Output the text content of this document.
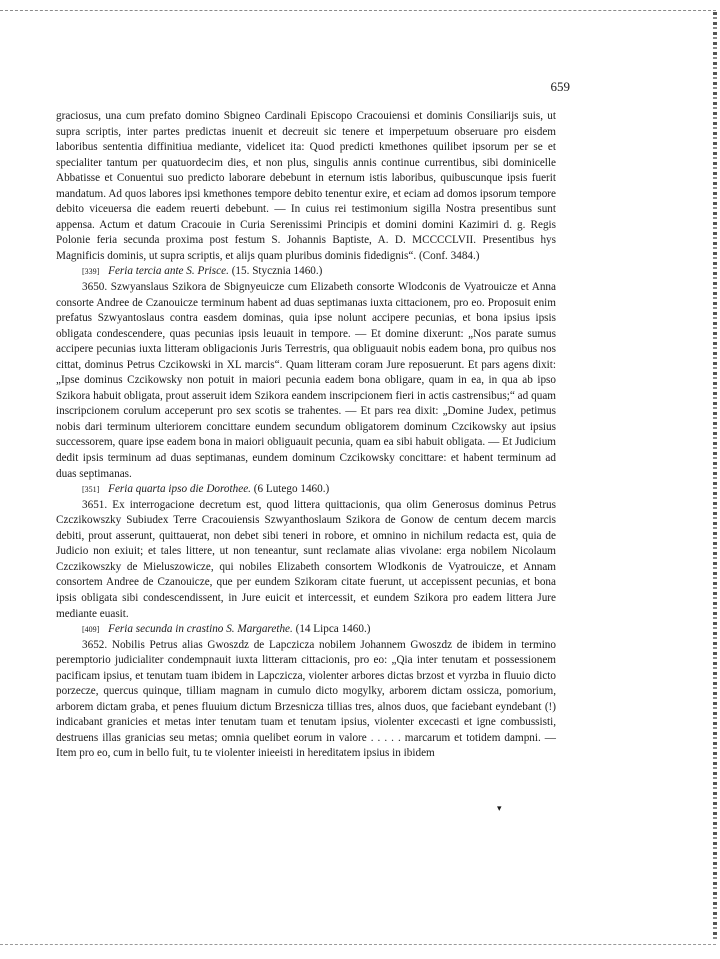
659

graciosus, una cum prefato domino Sbigneo Cardinali Episcopo Cracouiensi et dominis Consiliarijs suis, ut supra scriptis, inter partes predictas inuenit et decreuit sic tenere et imperpetuum obseruare pro eisdem laboribus sententia diffinitiua mediante, videlicet ita: Quod predicti kmethones quilibet ipsorum per se et specialiter tantum per quatuordecim dies, et non plus, singulis annis continue currentibus, sibi dominicelle Abbatisse et Conuentui suo predicto laborare debebunt in eternum istis laboribus, quibuscunque ipsis fuerit mandatum. Ad quos labores ipsi kmethones tempore debito tenentur exire, et eciam ad domos ipsorum tempore debito viceuersa die eadem reuerti debebunt. — In cuius rei testimonium sigilla Nostra presentibus sunt appensa. Actum et datum Cracouie in Curia Serenissimi Principis et domini domini Kazimiri d. g. Regis Polonie feria secunda proxima post festum S. Johannis Baptiste, A. D. MCCCCLVII. Presentibus hys Magnificis dominis, ut supra scriptis, et alijs quam pluribus dominis fidedignis“. (Conf. 3484.)

[339] Feria tercia ante S. Prisce. (15. Stycznia 1460.)

3650. Szwyanslaus Szikora de Sbignyeuicze cum Elizabeth consorte Wlodconis de Vyatrouicze et Anna consorte Andree de Czanouicze terminum habent ad duas septimanas iuxta cittacionem, pro eo. Proposuit enim prefatus Szwyantoslaus contra easdem dominas, quia ipse nolunt accipere pecunias, et bona ipsius ipsis obligata condescendere, quas pecunias ipsis leuauit in tempore. — Et domine dixerunt: „Nos parate sumus accipere pecunias iuxta litteram obligacionis Juris Terrestris, qua obliguauit nobis eadem bona, pro quibus nos cittat, dominus Petrus Czcikowski in XL marcis“. Quam litteram coram Jure reposuerunt. Et pars agens dixit: „Ipse dominus Czcikowsky non potuit in maiori pecunia eadem bona obligare, quam in ea, in qua ab ipso Szikora habuit obligata, prout asseruit idem Szikora eandem inscripcionem fieri in actis castrensibus;“ ad quam inscripcionem corulum acceperunt pro sex scotis se trahentes. — Et pars rea dixit: „Domine Judex, petimus nobis dari terminum ulteriorem concittare eundem secundum obligatorem dominum Czcikowsky aut ipsius successorem, quare ipse eadem bona in maiori obliguauit pecunia, quam ea sibi habuit obligata. — Et Judicium dedit ipsis terminum ad duas septimanas, eundem dominum Czcikowsky concittare: et habent terminum ad duas septimanas.

[351] Feria quarta ipso die Dorothee. (6 Lutego 1460.)

3651. Ex interrogacione decretum est, quod littera quittacionis, qua olim Generosus dominus Petrus Czczikowszky Subiudex Terre Cracouiensis Szwyanthoslaum Szikora de Gonow de centum decem marcis debiti, prout asserunt, quittauerat, non debet sibi teneri in robore, et omnino in nichilum redacta est, quia de Judicio non exiuit; et tales littere, ut non teneantur, sunt reclamate alias vivolane: erga nobilem Nicolaum Czczikowszky de Mieluszowicze, qui nobiles Elizabeth consortem Wlodkonis de Vyatrouicze, et Annam consortem Andree de Czanouicze, que per eundem Szikoram citate fuerunt, ut accepissent pecunias, et bona ipsis obligata sibi condescendissent, in Jure euicit et intercessit, et eundem Szikora pro eadem littera Jure mediante euasit.

[409] Feria secunda in crastino S. Margarethe. (14 Lipca 1460.)

3652. Nobilis Petrus alias Gwoszdz de Lapczicza nobilem Johannem Gwoszdz de ibidem in termino peremptorio judicialiter condempnauit iuxta litteram cittacionis, pro eo: „Qia inter tenutam et possessionem pacificam ipsius, et tenutam tuam ibidem in Lapczicza, violenter arbores dictas brzost et vyrzba in fluuio dicto porzecze, quercus quinque, tilliam magnam in cumulo dicto mogylky, arborem dictam ossicza, pomorium, arborem dictam graba, et penes fluuium dictum Brzesnicza tillias tres, alnos duos, que faciebant eyndebant (!) indicabant granicies et metas inter tenutam tuam et tenutam ipsius, violenter excecasti et igne combussisti, destruens illas granicias seu metas; omnia quelibet eorum in valore . . . . . marcarum et totidem dampni. — Item pro eo, cum in bello fuit, tu te violenter inieeisti in hereditatem ipsius in ibidem

▾
